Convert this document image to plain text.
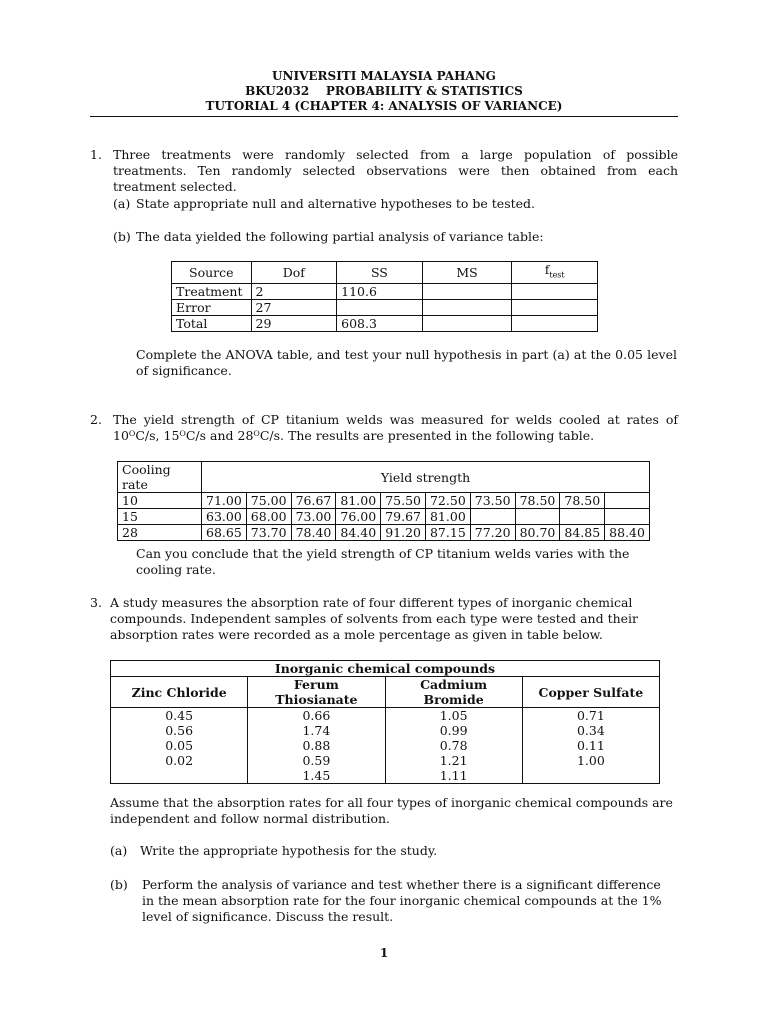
UNIVERSITI MALAYSIA PAHANG
BKU2032    PROBABILITY & STATISTICS
TUTORIAL 4 (CHAPTER 4: ANALYSIS OF VARIANCE)
1. Three treatments were randomly selected from a large population of possible treatments. Ten randomly selected observations were then obtained from each treatment selected.
(a) State appropriate null and alternative hypotheses to be tested.
(b) The data yielded the following partial analysis of variance table:
Source	Dof	SS	MS	$f_{test}$
Treatment	2	110.6		
Error	27			
Total	29	608.3		
Complete the ANOVA table, and test your null hypothesis in part (a) at the 0.05 level of significance.
2. The yield strength of CP titanium welds was measured for welds cooled at rates of 10ᴼC/s, 15ᴼC/s and 28ᴼC/s. The results are presented in the following table.
Cooling rate	Yield strength									
10	71.00	75.00	76.67	81.00	75.50	72.50	73.50	78.50	78.50	
15	63.00	68.00	73.00	76.00	79.67	81.00				
28	68.65	73.70	78.40	84.40	91.20	87.15	77.20	80.70	84.85	88.40
Can you conclude that the yield strength of CP titanium welds varies with the cooling rate.
3. A study measures the absorption rate of four different types of inorganic chemical compounds. Independent samples of solvents from each type were tested and their absorption rates were recorded as a mole percentage as given in table below.
Inorganic chemical compounds			
Zinc Chloride	Ferum Thiosianate	Cadmium Bromide	Copper Sulfate
0.45	0.66	1.05	0.71
0.56	1.74	0.99	0.34
0.05	0.88	0.78	0.11
0.02	0.59	1.21	1.00
	1.45	1.11	
Assume that the absorption rates for all four types of inorganic chemical compounds are independent and follow normal distribution.
(a) Write the appropriate hypothesis for the study.
(b) Perform the analysis of variance and test whether there is a significant difference in the mean absorption rate for the four inorganic chemical compounds at the 1% level of significance. Discuss the result.
1
